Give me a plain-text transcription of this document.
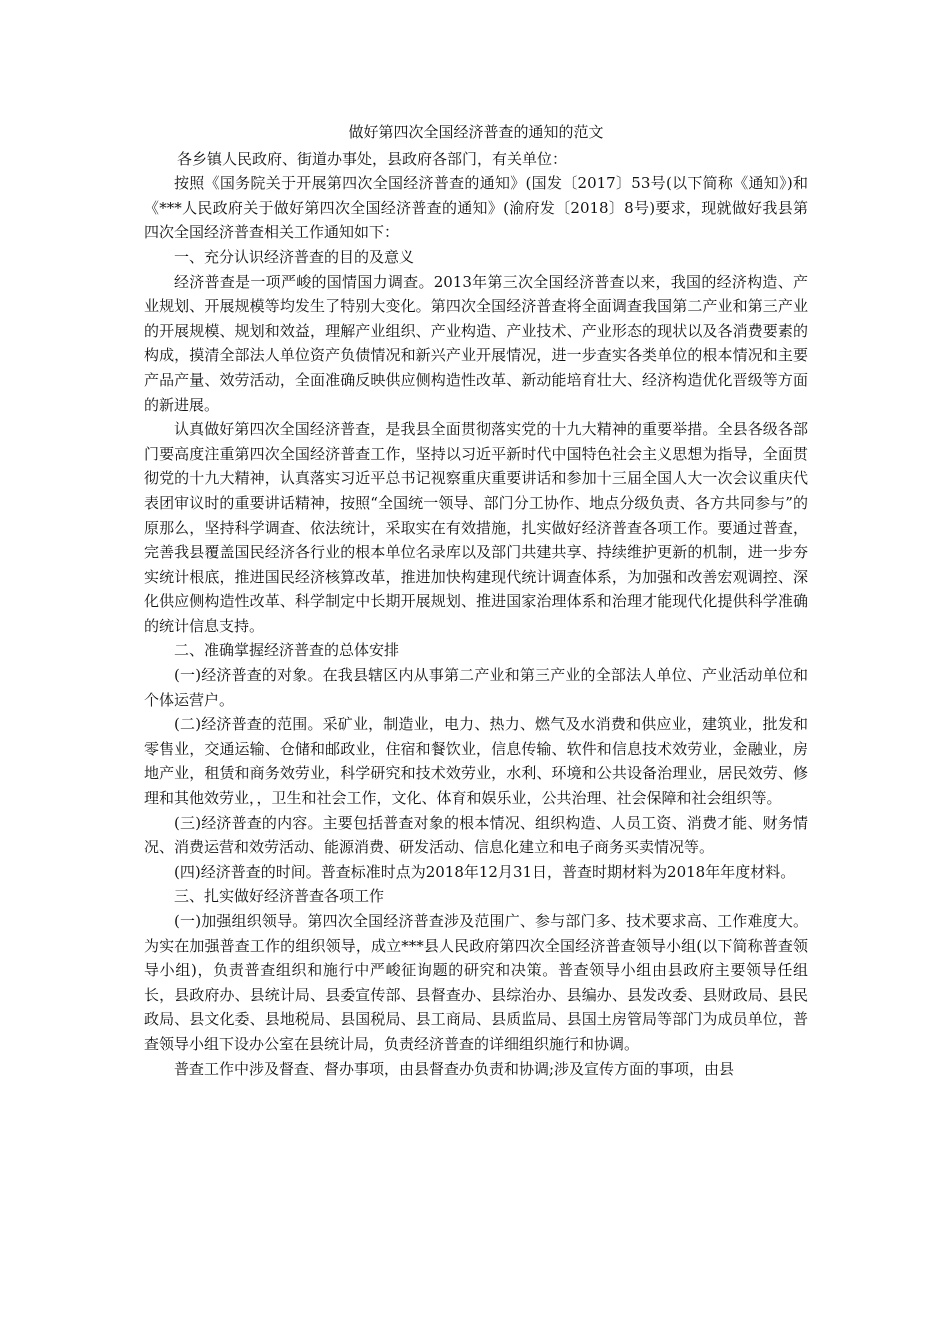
做好第四次全国经济普查的通知的范文

各乡镇人民政府、街道办事处，县政府各部门，有关单位：

按照《国务院关于开展第四次全国经济普查的通知》(国发〔2017〕53号(以下简称《通知》)和《***人民政府关于做好第四次全国经济普查的通知》(渝府发〔2018〕8号)要求，现就做好我县第四次全国经济普查相关工作通知如下：

一、充分认识经济普查的目的及意义

经济普查是一项严峻的国情国力调查。2013年第三次全国经济普查以来，我国的经济构造、产业规划、开展规模等均发生了特别大变化。第四次全国经济普查将全面调查我国第二产业和第三产业的开展规模、规划和效益，理解产业组织、产业构造、产业技术、产业形态的现状以及各消费要素的构成，摸清全部法人单位资产负债情况和新兴产业开展情况，进一步查实各类单位的根本情况和主要产品产量、效劳活动，全面准确反映供应侧构造性改革、新动能培育壮大、经济构造优化晋级等方面的新进展。

认真做好第四次全国经济普查，是我县全面贯彻落实党的十九大精神的重要举措。全县各级各部门要高度注重第四次全国经济普查工作，坚持以习近平新时代中国特色社会主义思想为指导，全面贯彻党的十九大精神，认真落实习近平总书记视察重庆重要讲话和参加十三届全国人大一次会议重庆代表团审议时的重要讲话精神，按照“全国统一领导、部门分工协作、地点分级负责、各方共同参与”的原那么，坚持科学调查、依法统计，采取实在有效措施，扎实做好经济普查各项工作。要通过普查，完善我县覆盖国民经济各行业的根本单位名录库以及部门共建共享、持续维护更新的机制，进一步夯实统计根底，推进国民经济核算改革，推进加快构建现代统计调查体系，为加强和改善宏观调控、深化供应侧构造性改革、科学制定中长期开展规划、推进国家治理体系和治理才能现代化提供科学准确的统计信息支持。

二、准确掌握经济普查的总体安排

(一)经济普查的对象。在我县辖区内从事第二产业和第三产业的全部法人单位、产业活动单位和个体运营户。

(二)经济普查的范围。采矿业，制造业，电力、热力、燃气及水消费和供应业，建筑业，批发和零售业，交通运输、仓储和邮政业，住宿和餐饮业，信息传输、软件和信息技术效劳业，金融业，房地产业，租赁和商务效劳业，科学研究和技术效劳业，水利、环境和公共设备治理业，居民效劳、修理和其他效劳业，，卫生和社会工作，文化、体育和娱乐业，公共治理、社会保障和社会组织等。

(三)经济普查的内容。主要包括普查对象的根本情况、组织构造、人员工资、消费才能、财务情况、消费运营和效劳活动、能源消费、研发活动、信息化建立和电子商务买卖情况等。

(四)经济普查的时间。普查标准时点为2018年12月31日，普查时期材料为2018年年度材料。

三、扎实做好经济普查各项工作

(一)加强组织领导。第四次全国经济普查涉及范围广、参与部门多、技术要求高、工作难度大。为实在加强普查工作的组织领导，成立***县人民政府第四次全国经济普查领导小组(以下简称普查领导小组)，负责普查组织和施行中严峻征询题的研究和决策。普查领导小组由县政府主要领导任组长，县政府办、县统计局、县委宣传部、县督查办、县综治办、县编办、县发改委、县财政局、县民政局、县文化委、县地税局、县国税局、县工商局、县质监局、县国土房管局等部门为成员单位，普查领导小组下设办公室在县统计局，负责经济普查的详细组织施行和协调。

普查工作中涉及督查、督办事项，由县督查办负责和协调;涉及宣传方面的事项，由县
